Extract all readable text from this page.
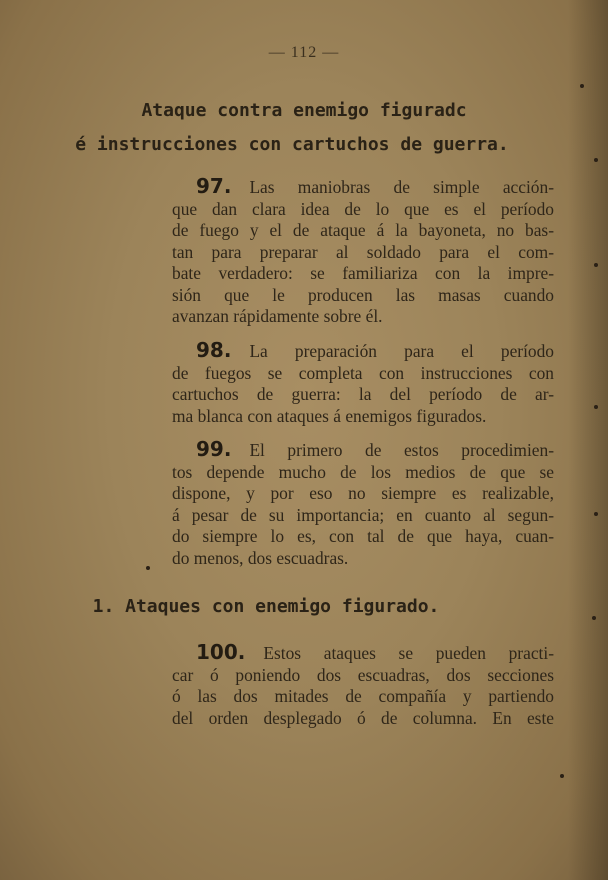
— 112 —
Ataque contra enemigo figuradc
é instrucciones con cartuchos de guerra.
97. Las maniobras de simple acción-
que dan clara idea de lo que es el período
de fuego y el de ataque á la bayoneta, no bas-
tan para preparar al soldado para el com-
bate verdadero: se familiariza con la impre-
sión que le producen las masas cuando
avanzan rápidamente sobre él.
98. La preparación para el período
de fuegos se completa con instrucciones con
cartuchos de guerra: la del período de ar-
ma blanca con ataques á enemigos figurados.
99. El primero de estos procedimien-
tos depende mucho de los medios de que se
dispone, y por eso no siempre es realizable,
á pesar de su importancia; en cuanto al segun-
do siempre lo es, con tal de que haya, cuan-
do menos, dos escuadras.
1. Ataques con enemigo figurado.
100. Estos ataques se pueden practi-
car ó poniendo dos escuadras, dos secciones
ó las dos mitades de compañía y partiendo
del orden desplegado ó de columna. En este
